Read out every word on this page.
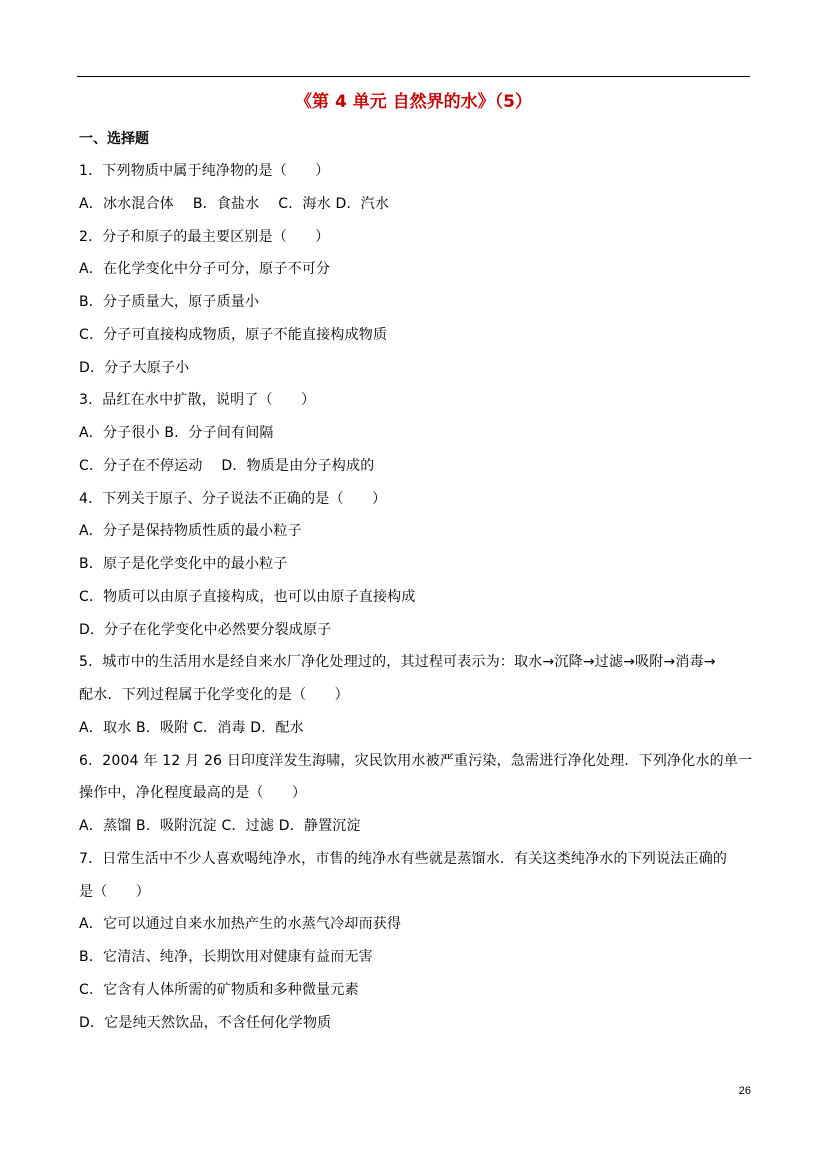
《第 4 单元 自然界的水》（5）
一、选择题
1．下列物质中属于纯净物的是（　　）
A．冰水混合体　 B．食盐水　 C．海水 D．汽水
2．分子和原子的最主要区别是（　　）
A．在化学变化中分子可分，原子不可分
B．分子质量大，原子质量小
C．分子可直接构成物质，原子不能直接构成物质
D．分子大原子小
3．品红在水中扩散，说明了（　　）
A．分子很小 B．分子间有间隔
C．分子在不停运动　 D．物质是由分子构成的
4．下列关于原子、分子说法不正确的是（　　）
A．分子是保持物质性质的最小粒子
B．原子是化学变化中的最小粒子
C．物质可以由原子直接构成，也可以由原子直接构成
D．分子在化学变化中必然要分裂成原子
5．城市中的生活用水是经自来水厂净化处理过的，其过程可表示为：取水→沉降→过滤→吸附→消毒→
配水．下列过程属于化学变化的是（　　）
A．取水 B．吸附 C．消毒 D．配水
6．2004 年 12 月 26 日印度洋发生海啸，灾民饮用水被严重污染，急需进行净化处理．下列净化水的单一
操作中，净化程度最高的是（　　）
A．蒸馏 B．吸附沉淀 C．过滤 D．静置沉淀
7．日常生活中不少人喜欢喝纯净水，市售的纯净水有些就是蒸馏水．有关这类纯净水的下列说法正确的
是（　　）
A．它可以通过自来水加热产生的水蒸气冷却而获得
B．它清洁、纯净，长期饮用对健康有益而无害
C．它含有人体所需的矿物质和多种微量元素
D．它是纯天然饮品，不含任何化学物质
26
